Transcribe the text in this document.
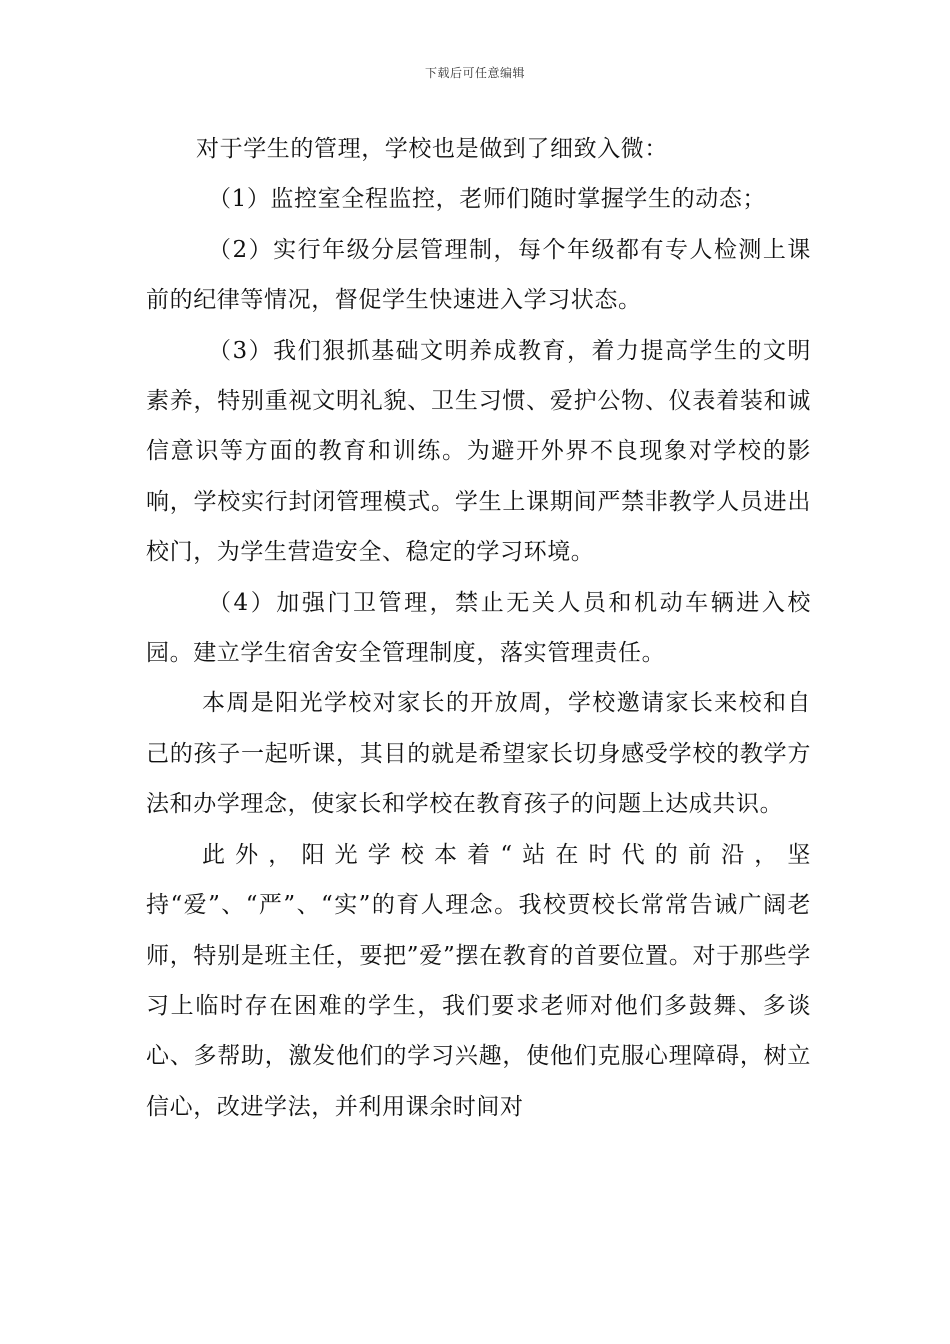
下载后可任意编辑

对于学生的管理，学校也是做到了细致入微：

（1）监控室全程监控，老师们随时掌握学生的动态；

（2）实行年级分层管理制，每个年级都有专人检测上课前的纪律等情况，督促学生快速进入学习状态。

（3）我们狠抓基础文明养成教育，着力提高学生的文明素养，特别重视文明礼貌、卫生习惯、爱护公物、仪表着装和诚信意识等方面的教育和训练。为避开外界不良现象对学校的影响，学校实行封闭管理模式。学生上课期间严禁非教学人员进出校门，为学生营造安全、稳定的学习环境。

（4）加强门卫管理，禁止无关人员和机动车辆进入校园。建立学生宿舍安全管理制度，落实管理责任。

本周是阳光学校对家长的开放周，学校邀请家长来校和自己的孩子一起听课，其目的就是希望家长切身感受学校的教学方法和办学理念，使家长和学校在教育孩子的问题上达成共识。

此外，阳光学校本着“站在时代的前沿，坚持“爱”、“严”、“实”的育人理念。我校贾校长常常告诫广阔老师，特别是班主任，要把”爱”摆在教育的首要位置。对于那些学习上临时存在困难的学生，我们要求老师对他们多鼓舞、多谈心、多帮助，激发他们的学习兴趣，使他们克服心理障碍，树立信心，改进学法，并利用课余时间对
